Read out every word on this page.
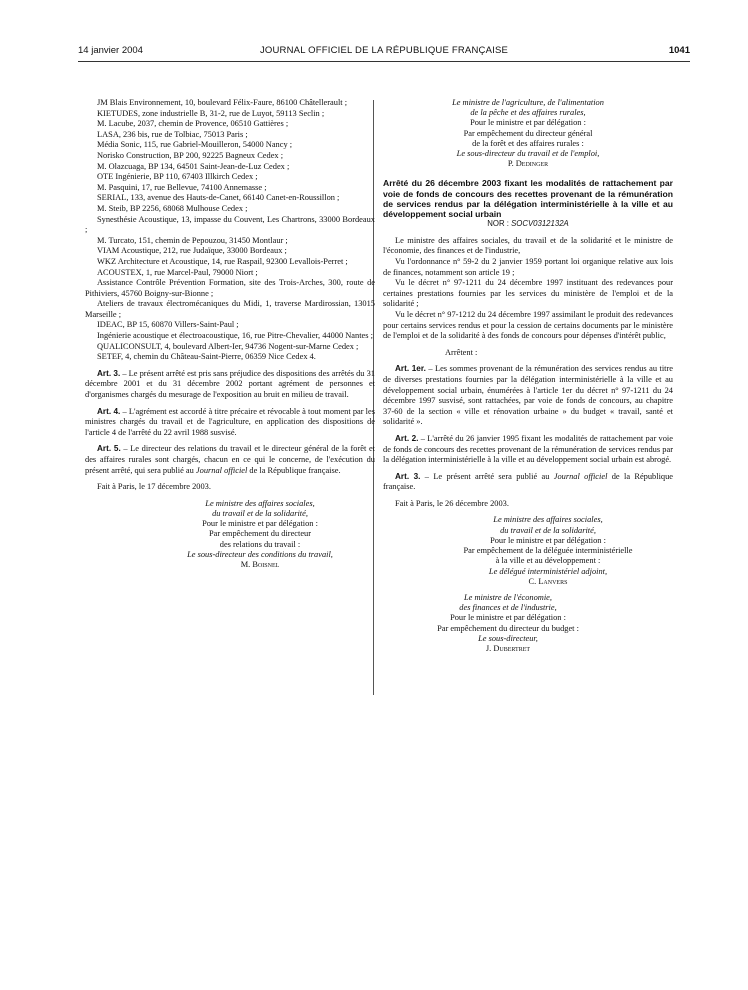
14 janvier 2004	JOURNAL OFFICIEL DE LA RÉPUBLIQUE FRANÇAISE	1041

JM Blais Environnement, 10, boulevard Félix-Faure, 86100 Châtellerault ;

KIETUDES, zone industrielle B, 31-2, rue de Luyot, 59113 Seclin ;

M. Lacube, 2037, chemin de Provence, 06510 Gattières ;

LASA, 236 bis, rue de Tolbiac, 75013 Paris ;

Média Sonic, 115, rue Gabriel-Mouilleron, 54000 Nancy ;

Norisko Construction, BP 200, 92225 Bagneux Cedex ;

M. Olazcuaga, BP 134, 64501 Saint-Jean-de-Luz Cedex ;

OTE Ingénierie, BP 110, 67403 Illkirch Cedex ;

M. Pasquini, 17, rue Bellevue, 74100 Annemasse ;

SERIAL, 133, avenue des Hauts-de-Canet, 66140 Canet-en-Roussillon ;

M. Steib, BP 2256, 68068 Mulhouse Cedex ;

Synesthésie Acoustique, 13, impasse du Couvent, Les Chartrons, 33000 Bordeaux ;

M. Turcato, 151, chemin de Pepouzou, 31450 Montlaur ;

VIAM Acoustique, 212, rue Judaïque, 33000 Bordeaux ;

WKZ Architecture et Acoustique, 14, rue Raspail, 92300 Levallois-Perret ;

ACOUSTEX, 1, rue Marcel-Paul, 79000 Niort ;

Assistance Contrôle Prévention Formation, site des Trois-Arches, 300, route de Pithiviers, 45760 Boigny-sur-Bionne ;

Ateliers de travaux électromécaniques du Midi, 1, traverse Mardirossian, 13015 Marseille ;

IDEAC, BP 15, 60870 Villers-Saint-Paul ;

Ingénierie acoustique et électroacoustique, 16, rue Pitre-Chevalier, 44000 Nantes ;

QUALICONSULT, 4, boulevard Albert-Ier, 94736 Nogent-sur-Marne Cedex ;

SETEF, 4, chemin du Château-Saint-Pierre, 06359 Nice Cedex 4.

Art. 3. – Le présent arrêté est pris sans préjudice des dispositions des arrêtés du 31 décembre 2001 et du 31 décembre 2002 portant agrément de personnes et d'organismes chargés du mesurage de l'exposition au bruit en milieu de travail.

Art. 4. – L'agrément est accordé à titre précaire et révocable à tout moment par les ministres chargés du travail et de l'agriculture, en application des dispositions de l'article 4 de l'arrêté du 22 avril 1988 susvisé.

Art. 5. – Le directeur des relations du travail et le directeur général de la forêt et des affaires rurales sont chargés, chacun en ce qui le concerne, de l'exécution du présent arrêté, qui sera publié au Journal officiel de la République française.

Fait à Paris, le 17 décembre 2003.

Le ministre des affaires sociales,
du travail et de la solidarité,
Pour le ministre et par délégation :
Par empêchement du directeur
des relations du travail :
Le sous-directeur des conditions du travail,
M. Boisnel
Le ministre de l'agriculture, de l'alimentation
de la pêche et des affaires rurales,
Pour le ministre et par délégation :
Par empêchement du directeur général
de la forêt et des affaires rurales :
Le sous-directeur du travail et de l'emploi,
P. Dedinger

Arrêté du 26 décembre 2003 fixant les modalités de rattachement par voie de fonds de concours des recettes provenant de la rémunération de services rendus par la délégation interministérielle à la ville et au développement social urbain

NOR : SOCV0312132A

Le ministre des affaires sociales, du travail et de la solidarité et le ministre de l'économie, des finances et de l'industrie,

Vu l'ordonnance n° 59-2 du 2 janvier 1959 portant loi organique relative aux lois de finances, notamment son article 19 ;

Vu le décret n° 97-1211 du 24 décembre 1997 instituant des redevances pour certaines prestations fournies par les services du ministère de l'emploi et de la solidarité ;

Vu le décret n° 97-1212 du 24 décembre 1997 assimilant le produit des redevances pour certains services rendus et pour la cession de certains documents par le ministère de l'emploi et de la solidarité à des fonds de concours pour dépenses d'intérêt public,

Arrêtent :

Art. 1er. – Les sommes provenant de la rémunération des services rendus au titre de diverses prestations fournies par la délégation interministérielle à la ville et au développement social urbain, énumérées à l'article 1er du décret n° 97-1211 du 24 décembre 1997 susvisé, sont rattachées, par voie de fonds de concours, au chapitre 37-60 de la section « ville et rénovation urbaine » du budget « travail, santé et solidarité ».

Art. 2. – L'arrêté du 26 janvier 1995 fixant les modalités de rattachement par voie de fonds de concours des recettes provenant de la rémunération de services rendus par la délégation interministérielle à la ville et au développement social urbain est abrogé.

Art. 3. – Le présent arrêté sera publié au Journal officiel de la République française.

Fait à Paris, le 26 décembre 2003.

Le ministre des affaires sociales,
du travail et de la solidarité,
Pour le ministre et par délégation :
Par empêchement de la déléguée interministérielle
à la ville et au développement :
Le délégué interministériel adjoint,
C. Lanvers
Le ministre de l'économie,
des finances et de l'industrie,
Pour le ministre et par délégation :
Par empêchement du directeur du budget :
Le sous-directeur,
J. Dubertret
